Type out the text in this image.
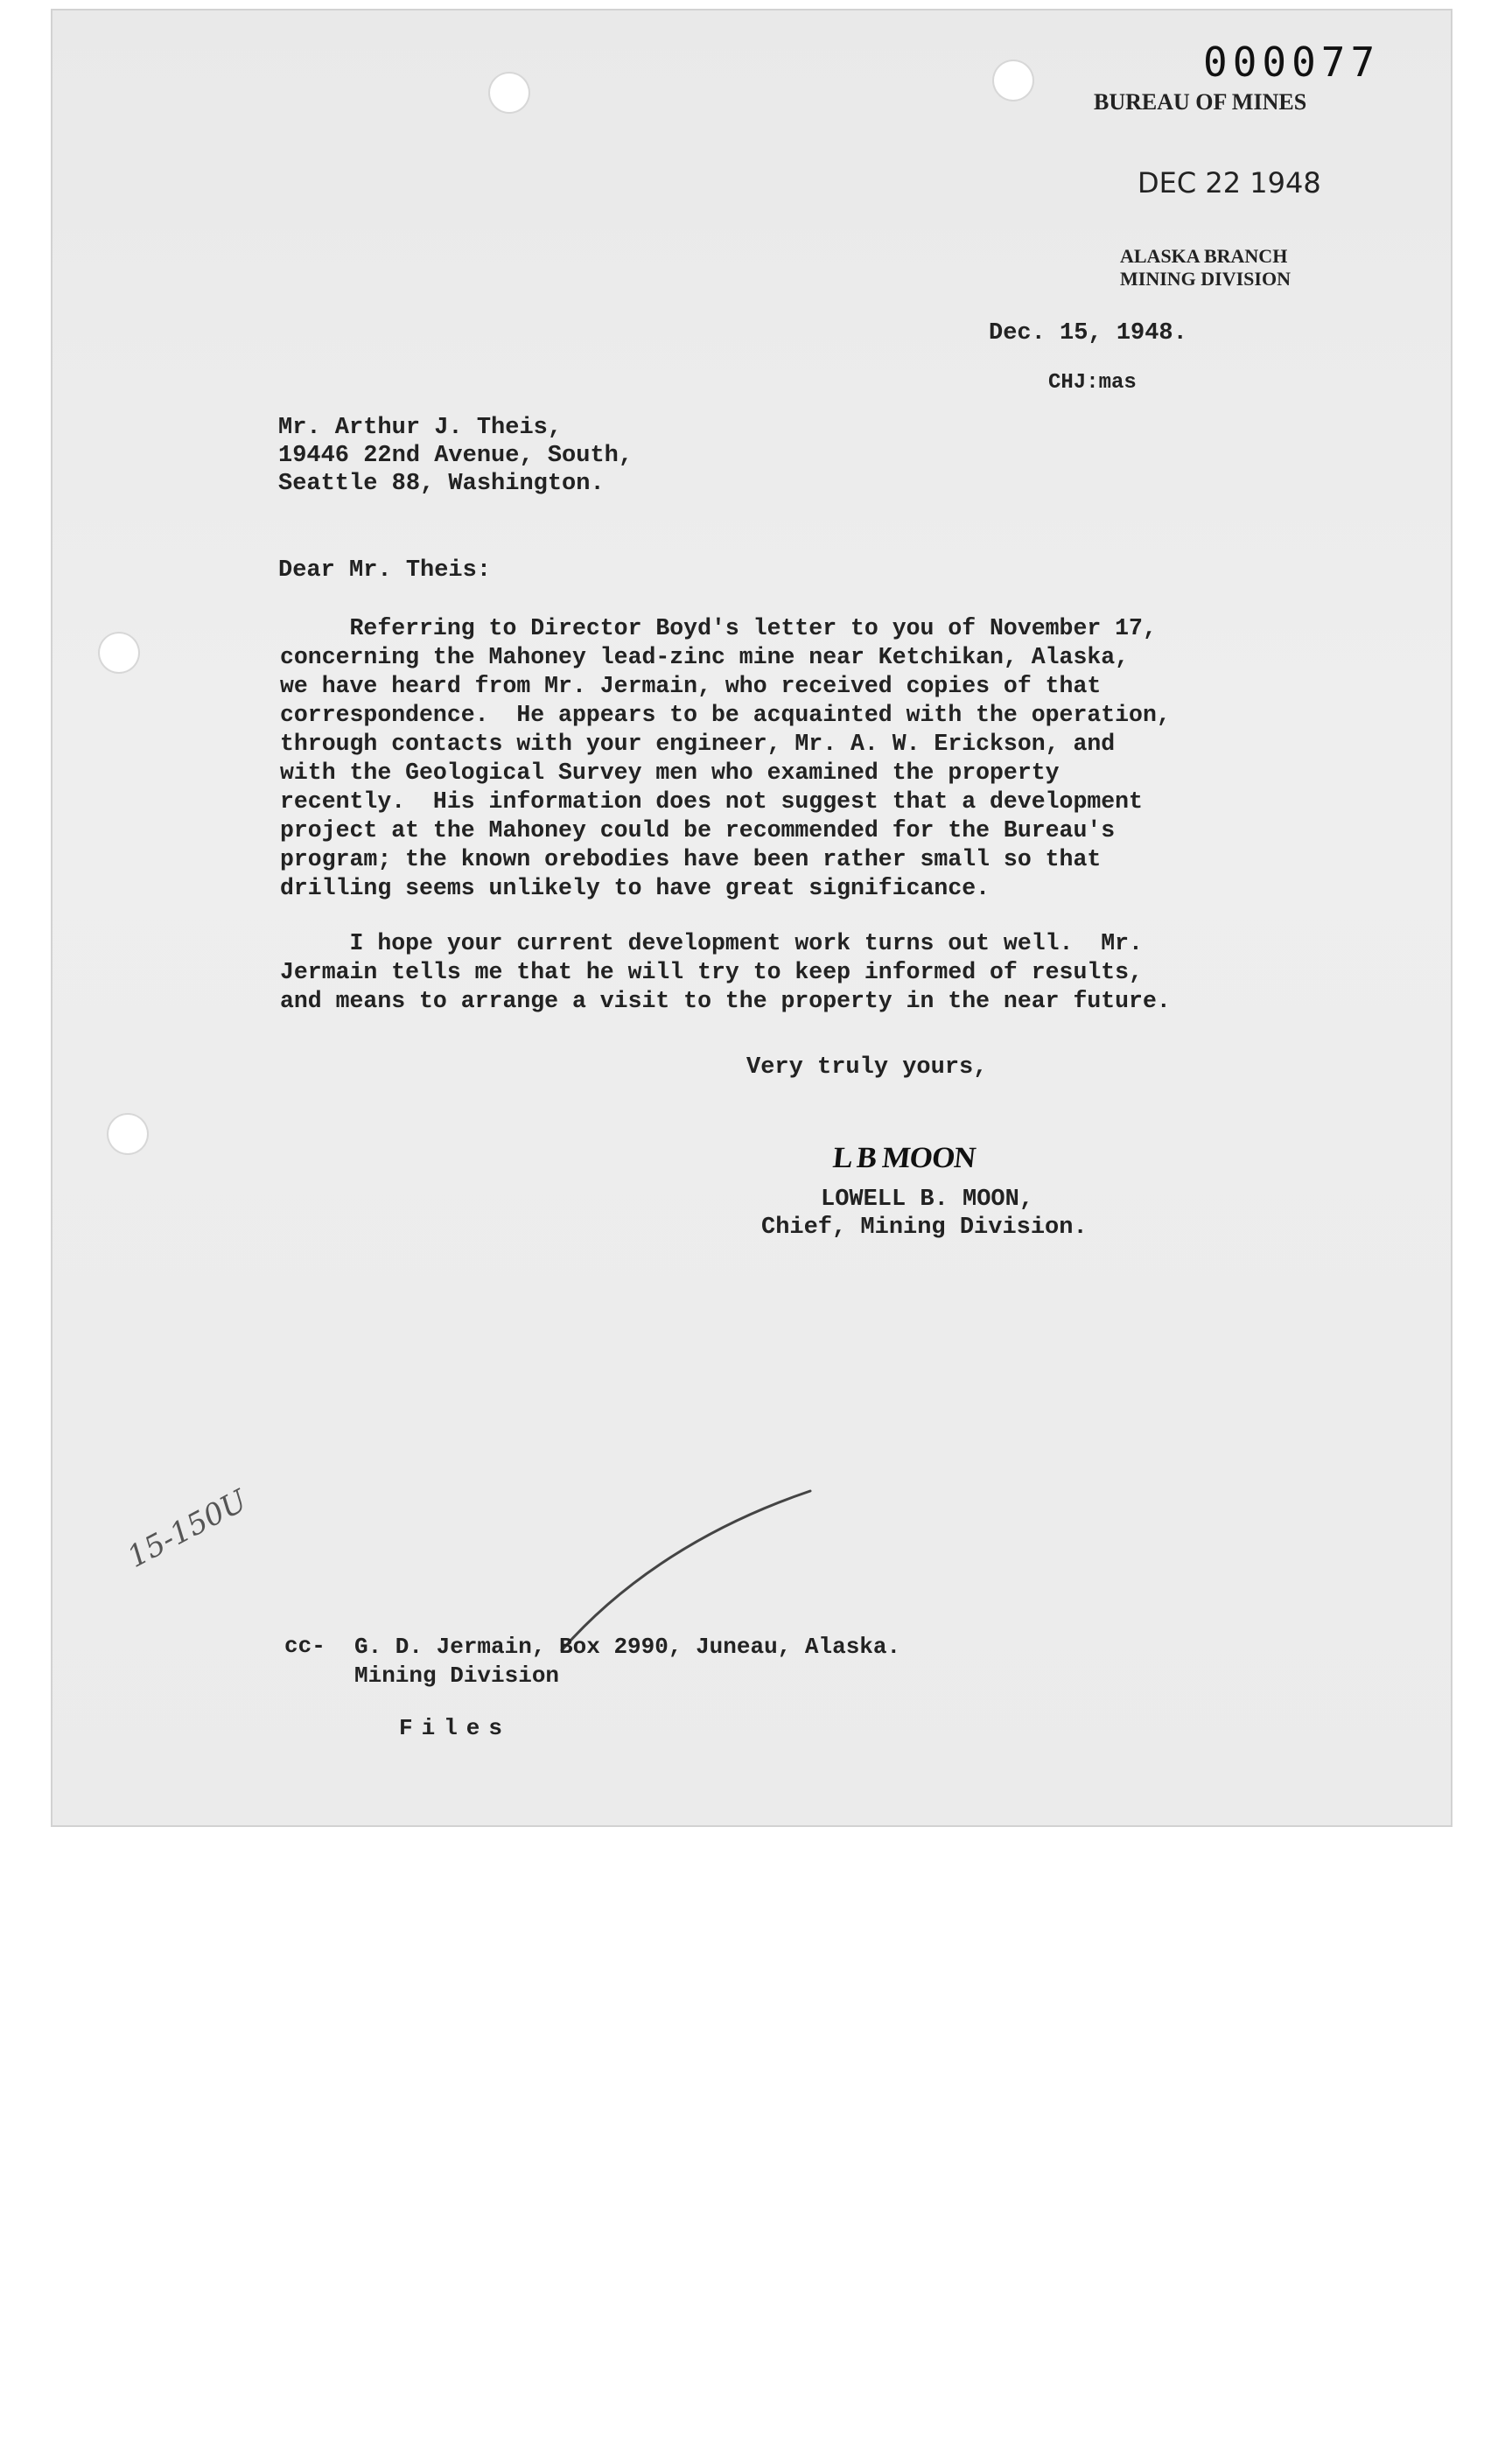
000077
BUREAU OF MINES
DEC 22 1948
ALASKA BRANCH
MINING DIVISION
Dec. 15, 1948.
CHJ:mas
Mr. Arthur J. Theis,
19446 22nd Avenue, South,
Seattle 88, Washington.
Dear Mr. Theis:
Referring to Director Boyd's letter to you of November 17,
concerning the Mahoney lead-zinc mine near Ketchikan, Alaska,
we have heard from Mr. Jermain, who received copies of that
correspondence.  He appears to be acquainted with the operation,
through contacts with your engineer, Mr. A. W. Erickson, and
with the Geological Survey men who examined the property
recently.  His information does not suggest that a development
project at the Mahoney could be recommended for the Bureau's
program; the known orebodies have been rather small so that
drilling seems unlikely to have great significance.
I hope your current development work turns out well.  Mr.
Jermain tells me that he will try to keep informed of results,
and means to arrange a visit to the property in the near future.
Very truly yours,
L B MOON
LOWELL B. MOON,
Chief, Mining Division.
15-150U
cc- G. D. Jermain, Box 2990, Juneau, Alaska.
Mining Division
Files
